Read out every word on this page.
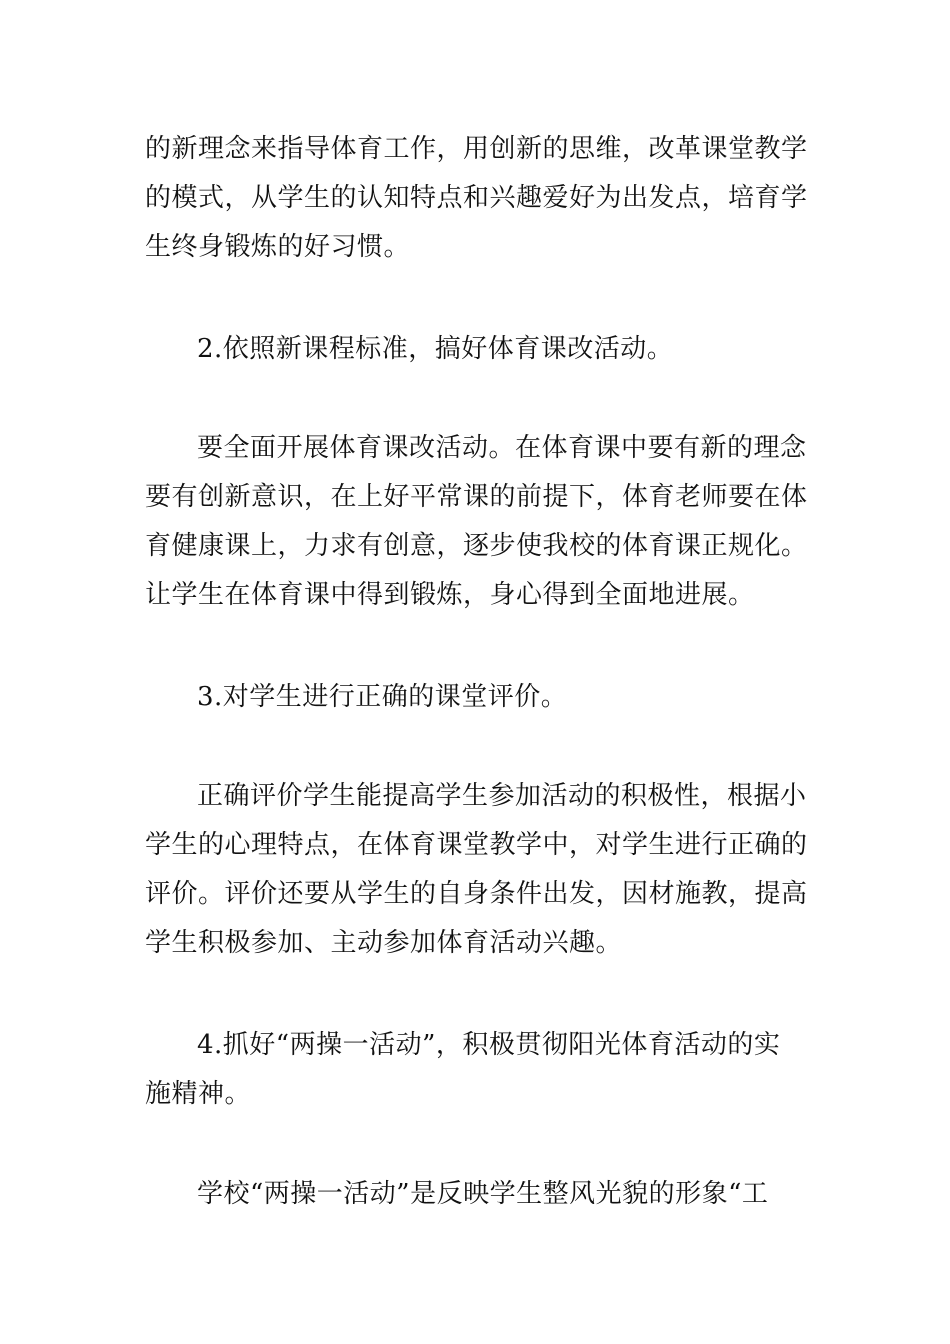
的新理念来指导体育工作，用创新的思维，改革课堂教学
的模式，从学生的认知特点和兴趣爱好为出发点，培育学
生终身锻炼的好习惯。
2.依照新课程标准，搞好体育课改活动。
要全面开展体育课改活动。在体育课中要有新的理念
要有创新意识，在上好平常课的前提下，体育老师要在体
育健康课上，力求有创意，逐步使我校的体育课正规化。
让学生在体育课中得到锻炼，身心得到全面地进展。
3.对学生进行正确的课堂评价。
正确评价学生能提高学生参加活动的积极性，根据小
学生的心理特点，在体育课堂教学中，对学生进行正确的
评价。评价还要从学生的自身条件出发，因材施教，提高
学生积极参加、主动参加体育活动兴趣。
4.抓好“两操一活动”，积极贯彻阳光体育活动的实
施精神。
学校“两操一活动”是反映学生整风光貌的形象“工
